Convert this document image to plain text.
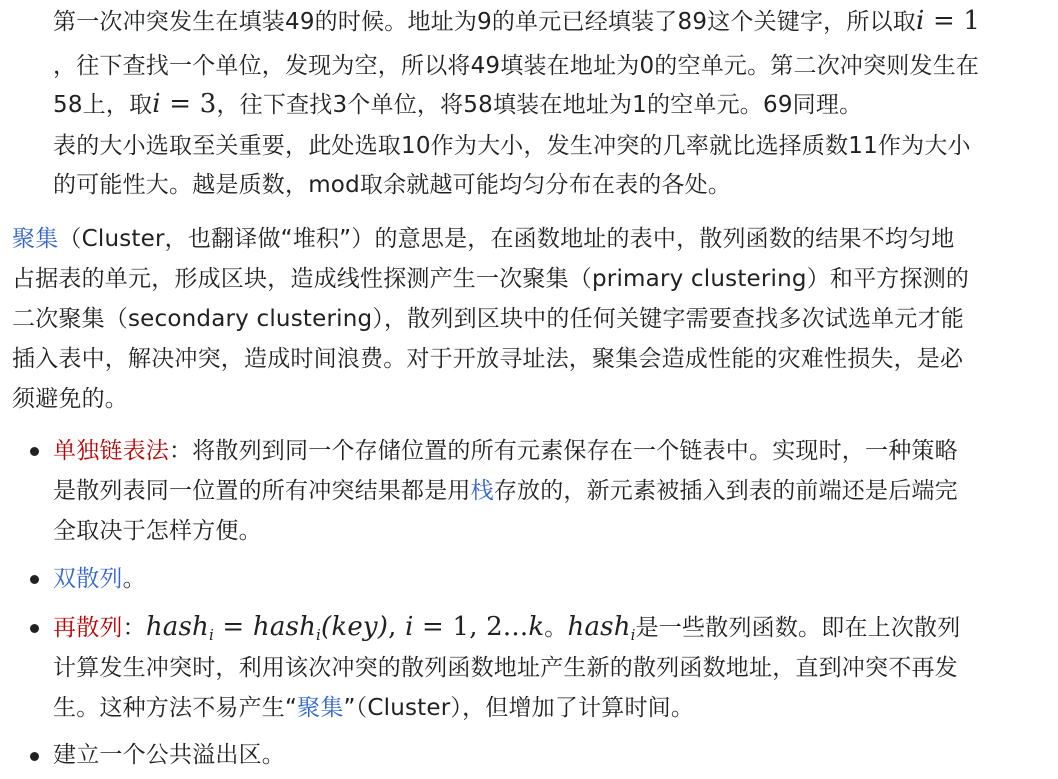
第一次冲突发生在填装49的时候。地址为9的单元已经填装了89这个关键字，所以取i = 1
，往下查找一个单位，发现为空，所以将49填装在地址为0的空单元。第二次冲突则发生在
58上，取i = 3，往下查找3个单位，将58填装在地址为1的空单元。69同理。
表的大小选取至关重要，此处选取10作为大小，发生冲突的几率就比选择质数11作为大小
的可能性大。越是质数，mod取余就越可能均匀分布在表的各处。
聚集（Cluster，也翻译做“堆积”）的意思是，在函数地址的表中，散列函数的结果不均匀地
占据表的单元，形成区块，造成线性探测产生一次聚集（primary clustering）和平方探测的
二次聚集（secondary clustering），散列到区块中的任何关键字需要查找多次试选单元才能
插入表中，解决冲突，造成时间浪费。对于开放寻址法，聚集会造成性能的灾难性损失，是必
须避免的。
单独链表法：将散列到同一个存储位置的所有元素保存在一个链表中。实现时，一种策略
是散列表同一位置的所有冲突结果都是用栈存放的，新元素被插入到表的前端还是后端完
全取决于怎样方便。
双散列。
再散列：hash$_i$ = hash$_i$(key), i = 1, 2...k。hash$_i$是一些散列函数。即在上次散列
计算发生冲突时，利用该次冲突的散列函数地址产生新的散列函数地址，直到冲突不再发
生。这种方法不易产生“聚集”（Cluster），但增加了计算时间。
建立一个公共溢出区。
